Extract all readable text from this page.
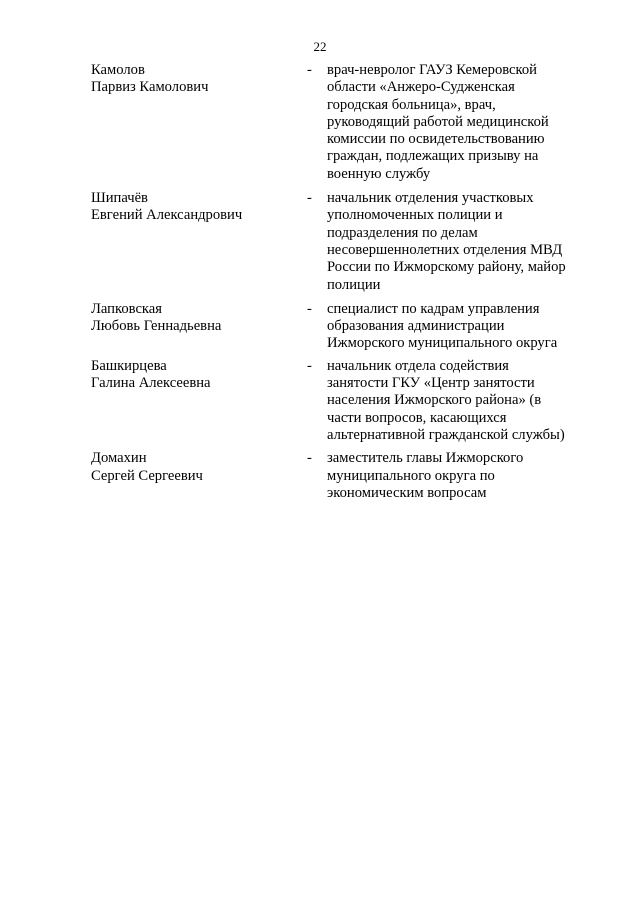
22
Камолов
Парвиз Камолович
-	врач-невролог ГАУЗ Кемеровской
области «Анжеро-Судженская
городская больница», врач,
руководящий работой медицинской
комиссии по освидетельствованию
граждан, подлежащих призыву на
военную службу
Шипачёв
Евгений Александрович
-	начальник отделения участковых
уполномоченных полиции и
подразделения по делам
несовершеннолетних отделения МВД
России по Ижморскому району, майор
полиции
Лапковская
Любовь Геннадьевна
-	специалист по кадрам управления
образования администрации
Ижморского муниципального округа
Башкирцева
Галина Алексеевна
-	начальник отдела содействия
занятости ГКУ «Центр занятости
населения Ижморского района» (в
части вопросов, касающихся
альтернативной гражданской службы)
Домахин
Сергей Сергеевич
-	заместитель главы Ижморского
муниципального округа по
экономическим вопросам
